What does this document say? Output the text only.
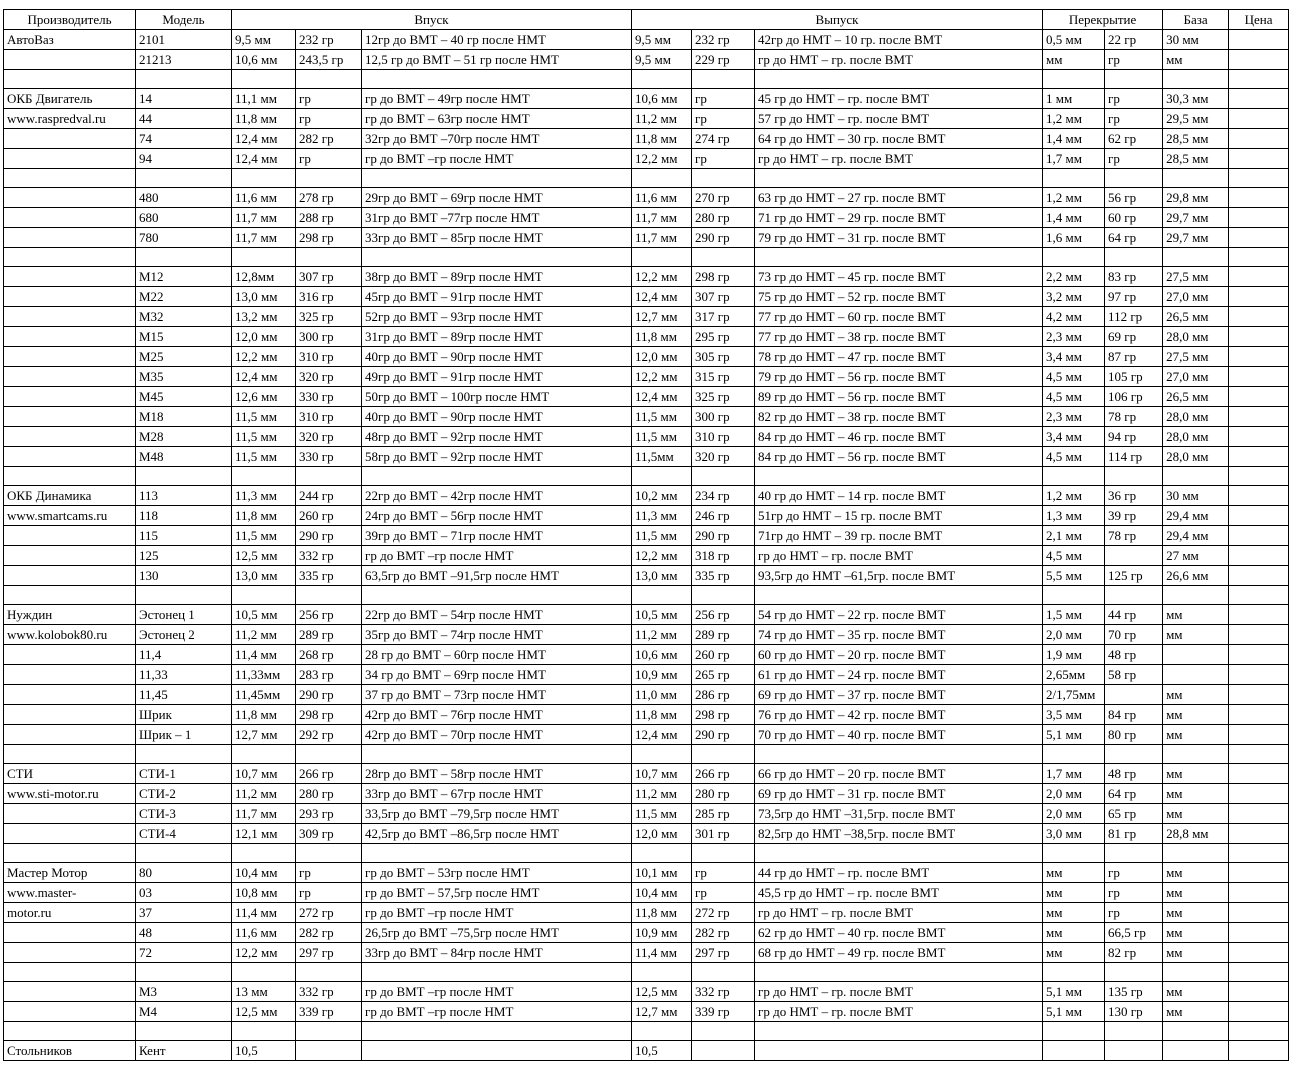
Производитель	Модель	Впуск			Выпуск			Перекрытие		База	Цена
АвтоВаз	2101	9,5 мм	232 гр	12гр до ВМТ – 40 гр после НМТ	9,5 мм	232 гр	42гр до НМТ – 10 гр. после ВМТ	0,5 мм	22 гр	30 мм	
	21213	10,6 мм	243,5 гр	12,5 гр до ВМТ – 51 гр после НМТ	9,5 мм	229 гр	гр до НМТ – гр. после ВМТ	мм	гр	мм	

ОКБ Двигатель	14	11,1 мм	гр	гр до ВМТ – 49гр после НМТ	10,6 мм	гр	45 гр до НМТ – гр. после ВМТ	1 мм	гр	30,3 мм	
www.raspredval.ru	44	11,8 мм	гр	гр до ВМТ – 63гр после НМТ	11,2 мм	гр	57 гр до НМТ – гр. после ВМТ	1,2 мм	гр	29,5 мм	
	74	12,4 мм	282 гр	32гр до ВМТ –70гр после НМТ	11,8 мм	274 гр	64 гр до НМТ – 30 гр. после ВМТ	1,4 мм	62 гр	28,5 мм	
	94	12,4 мм	гр	гр до ВМТ –гр после НМТ	12,2 мм	гр	гр до НМТ – гр. после ВМТ	1,7 мм	гр	28,5 мм	

	480	11,6 мм	278 гр	29гр до ВМТ – 69гр после НМТ	11,6 мм	270 гр	63 гр до НМТ – 27 гр. после ВМТ	1,2 мм	56 гр	29,8 мм	
	680	11,7 мм	288 гр	31гр до ВМТ –77гр после НМТ	11,7 мм	280 гр	71 гр до НМТ – 29 гр. после ВМТ	1,4 мм	60 гр	29,7 мм	
	780	11,7 мм	298 гр	33гр до ВМТ – 85гр после НМТ	11,7 мм	290 гр	79 гр до НМТ – 31 гр. после ВМТ	1,6 мм	64 гр	29,7 мм	

	М12	12,8мм	307 гр	38гр до ВМТ – 89гр после НМТ	12,2 мм	298 гр	73 гр до НМТ – 45 гр. после ВМТ	2,2 мм	83 гр	27,5 мм	
	М22	13,0 мм	316 гр	45гр до ВМТ – 91гр после НМТ	12,4 мм	307 гр	75 гр до НМТ – 52 гр. после ВМТ	3,2 мм	97 гр	27,0 мм	
	М32	13,2 мм	325 гр	52гр до ВМТ – 93гр после НМТ	12,7 мм	317 гр	77 гр до НМТ – 60 гр. после ВМТ	4,2 мм	112 гр	26,5 мм	
	М15	12,0 мм	300 гр	31гр до ВМТ – 89гр после НМТ	11,8 мм	295 гр	77 гр до НМТ – 38 гр. после ВМТ	2,3 мм	69 гр	28,0 мм	
	М25	12,2 мм	310 гр	40гр до ВМТ – 90гр после НМТ	12,0 мм	305 гр	78 гр до НМТ – 47 гр. после ВМТ	3,4 мм	87 гр	27,5 мм	
	М35	12,4 мм	320 гр	49гр до ВМТ – 91гр после НМТ	12,2 мм	315 гр	79 гр до НМТ – 56 гр. после ВМТ	4,5 мм	105 гр	27,0 мм	
	М45	12,6 мм	330 гр	50гр до ВМТ – 100гр после НМТ	12,4 мм	325 гр	89 гр до НМТ – 56 гр. после ВМТ	4,5 мм	106 гр	26,5 мм	
	М18	11,5 мм	310 гр	40гр до ВМТ – 90гр после НМТ	11,5 мм	300 гр	82 гр до НМТ – 38 гр. после ВМТ	2,3 мм	78 гр	28,0 мм	
	М28	11,5 мм	320 гр	48гр до ВМТ – 92гр после НМТ	11,5 мм	310 гр	84 гр до НМТ – 46 гр. после ВМТ	3,4 мм	94 гр	28,0 мм	
	М48	11,5 мм	330 гр	58гр до ВМТ – 92гр после НМТ	11,5мм	320 гр	84 гр до НМТ – 56 гр. после ВМТ	4,5 мм	114 гр	28,0 мм	

ОКБ Динамика	113	11,3 мм	244 гр	22гр до ВМТ – 42гр после НМТ	10,2 мм	234 гр	40 гр до НМТ – 14 гр. после ВМТ	1,2 мм	36 гр	30 мм	
www.smartcams.ru	118	11,8 мм	260 гр	24гр до ВМТ – 56гр после НМТ	11,3 мм	246 гр	51гр до НМТ – 15 гр. после ВМТ	1,3 мм	39 гр	29,4 мм	
	115	11,5 мм	290 гр	39гр до ВМТ – 71гр после НМТ	11,5 мм	290 гр	71гр до НМТ – 39 гр. после ВМТ	2,1 мм	78 гр	29,4 мм	
	125	12,5 мм	332 гр	гр до ВМТ –гр после НМТ	12,2 мм	318 гр	гр до НМТ – гр. после ВМТ	4,5 мм		27 мм	
	130	13,0 мм	335 гр	63,5гр до ВМТ –91,5гр после НМТ	13,0 мм	335 гр	93,5гр до НМТ –61,5гр. после ВМТ	5,5 мм	125 гр	26,6 мм	

Нуждин	Эстонец 1	10,5 мм	256 гр	22гр до ВМТ – 54гр после НМТ	10,5 мм	256 гр	54 гр до НМТ – 22 гр. после ВМТ	1,5 мм	44 гр	мм	
www.kolobok80.ru	Эстонец 2	11,2 мм	289 гр	35гр до ВМТ – 74гр после НМТ	11,2 мм	289 гр	74 гр до НМТ – 35 гр. после ВМТ	2,0 мм	70 гр	мм	
	11,4	11,4 мм	268 гр	28 гр до ВМТ – 60гр после НМТ	10,6 мм	260 гр	60 гр до НМТ – 20 гр. после ВМТ	1,9 мм	48 гр		
	11,33	11,33мм	283 гр	34 гр до ВМТ – 69гр после НМТ	10,9 мм	265 гр	61 гр до НМТ – 24 гр. после ВМТ	2,65мм	58 гр		
	11,45	11,45мм	290 гр	37 гр до ВМТ – 73гр после НМТ	11,0 мм	286 гр	69 гр до НМТ – 37 гр. после ВМТ	2/1,75мм		мм	
	Шрик	11,8 мм	298 гр	42гр до ВМТ – 76гр после НМТ	11,8 мм	298 гр	76 гр до НМТ – 42 гр. после ВМТ	3,5 мм	84 гр	мм	
	Шрик – 1	12,7 мм	292 гр	42гр до ВМТ – 70гр после НМТ	12,4 мм	290 гр	70 гр до НМТ – 40 гр. после ВМТ	5,1 мм	80 гр	мм	

СТИ	СТИ-1	10,7 мм	266 гр	28гр до ВМТ – 58гр после НМТ	10,7 мм	266 гр	66 гр до НМТ – 20 гр. после ВМТ	1,7 мм	48 гр	мм	
www.sti-motor.ru	СТИ-2	11,2 мм	280 гр	33гр до ВМТ – 67гр после НМТ	11,2 мм	280 гр	69 гр до НМТ – 31 гр. после ВМТ	2,0 мм	64 гр	мм	
	СТИ-3	11,7 мм	293 гр	33,5гр до ВМТ –79,5гр после НМТ	11,5 мм	285 гр	73,5гр до НМТ –31,5гр. после ВМТ	2,0 мм	65 гр	мм	
	СТИ-4	12,1 мм	309 гр	42,5гр до ВМТ –86,5гр после НМТ	12,0 мм	301 гр	82,5гр до НМТ –38,5гр. после ВМТ	3,0 мм	81 гр	28,8 мм	

Мастер Мотор	80	10,4 мм	гр	гр до ВМТ – 53гр после НМТ	10,1 мм	гр	44 гр до НМТ – гр. после ВМТ	мм	гр	мм	
www.master-	03	10,8 мм	гр	гр до ВМТ – 57,5гр после НМТ	10,4 мм	гр	45,5 гр до НМТ – гр. после ВМТ	мм	гр	мм	
motor.ru	37	11,4 мм	272 гр	гр до ВМТ –гр после НМТ	11,8 мм	272 гр	гр до НМТ – гр. после ВМТ	мм	гр	мм	
	48	11,6 мм	282 гр	26,5гр до ВМТ –75,5гр после НМТ	10,9 мм	282 гр	62 гр до НМТ – 40 гр. после ВМТ	мм	66,5 гр	мм	
	72	12,2 мм	297 гр	33гр до ВМТ – 84гр после НМТ	11,4 мм	297 гр	68 гр до НМТ – 49 гр. после ВМТ	мм	82 гр	мм	

	М3	13 мм	332 гр	гр до ВМТ –гр после НМТ	12,5 мм	332 гр	гр до НМТ – гр. после ВМТ	5,1 мм	135 гр	мм	
	М4	12,5 мм	339 гр	гр до ВМТ –гр после НМТ	12,7 мм	339 гр	гр до НМТ – гр. после ВМТ	5,1 мм	130 гр	мм	

Стольников	Кент	10,5			10,5						
